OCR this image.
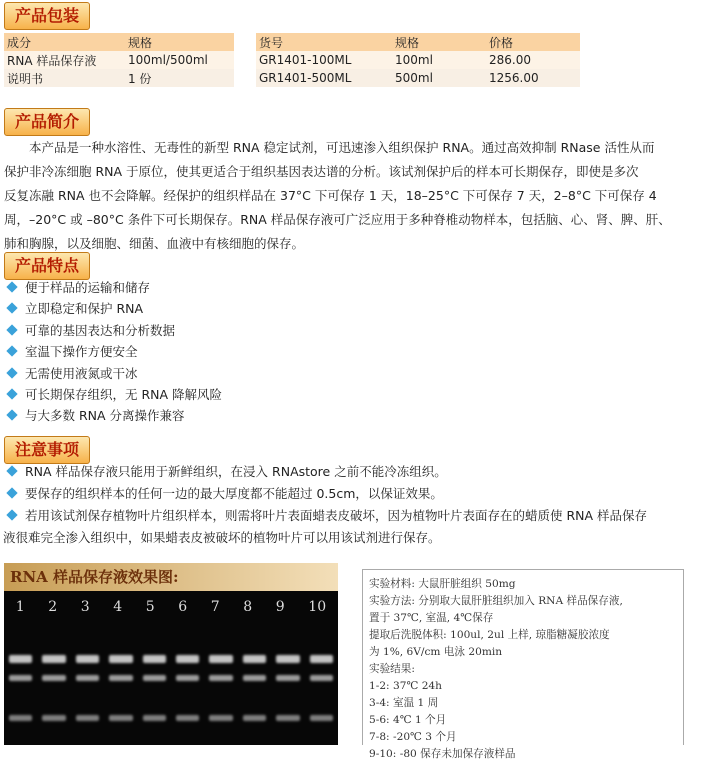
产品包装
成分	规格
RNA 样品保存液	100ml/500ml
说明书	1 份
货号	规格	价格
GR1401-100ML	100ml	286.00
GR1401-500ML	500ml	1256.00
产品简介
　　本产品是一种水溶性、无毒性的新型 RNA 稳定试剂，可迅速渗入组织保护 RNA。通过高效抑制 RNase 活性从而
保护非冷冻细胞 RNA 于原位，使其更适合于组织基因表达谱的分析。该试剂保护后的样本可长期保存，即使是多次
反复冻融 RNA 也不会降解。经保护的组织样品在 37°C 下可保存 1 天，18–25°C 下可保存 7 天，2–8°C 下可保存 4
周，–20°C 或 –80°C 条件下可长期保存。RNA 样品保存液可广泛应用于多种脊椎动物样本，包括脑、心、肾、脾、肝、
肺和胸腺，以及细胞、细菌、血液中有核细胞的保存。
产品特点
便于样品的运输和储存
立即稳定和保护 RNA
可靠的基因表达和分析数据
室温下操作方便安全
无需使用液氮或干冰
可长期保存组织，无 RNA 降解风险
与大多数 RNA 分离操作兼容
注意事项
RNA 样品保存液只能用于新鲜组织，在浸入 RNAstore 之前不能冷冻组织。
要保存的组织样本的任何一边的最大厚度都不能超过 0.5cm，以保证效果。
若用该试剂保存植物叶片组织样本，则需将叶片表面蜡表皮破坏，因为植物叶片表面存在的蜡质使 RNA 样品保存
液很难完全渗入组织中，如果蜡表皮被破坏的植物叶片可以用该试剂进行保存。
RNA 样品保存液效果图:
1 2 3 4 5 6 7 8 9 10
实验材料: 大鼠肝脏组织 50mg
实验方法: 分别取大鼠肝脏组织加入 RNA 样品保存液,
置于 37℃, 室温, 4℃保存
提取后洗脱体积: 100ul, 2ul 上样, 琼脂糖凝胶浓度
为 1%, 6V/cm 电泳 20min
实验结果:
1-2: 37℃ 24h
3-4: 室温 1 周
5-6: 4℃ 1 个月
7-8: -20℃ 3 个月
9-10: -80 保存未加保存液样品
